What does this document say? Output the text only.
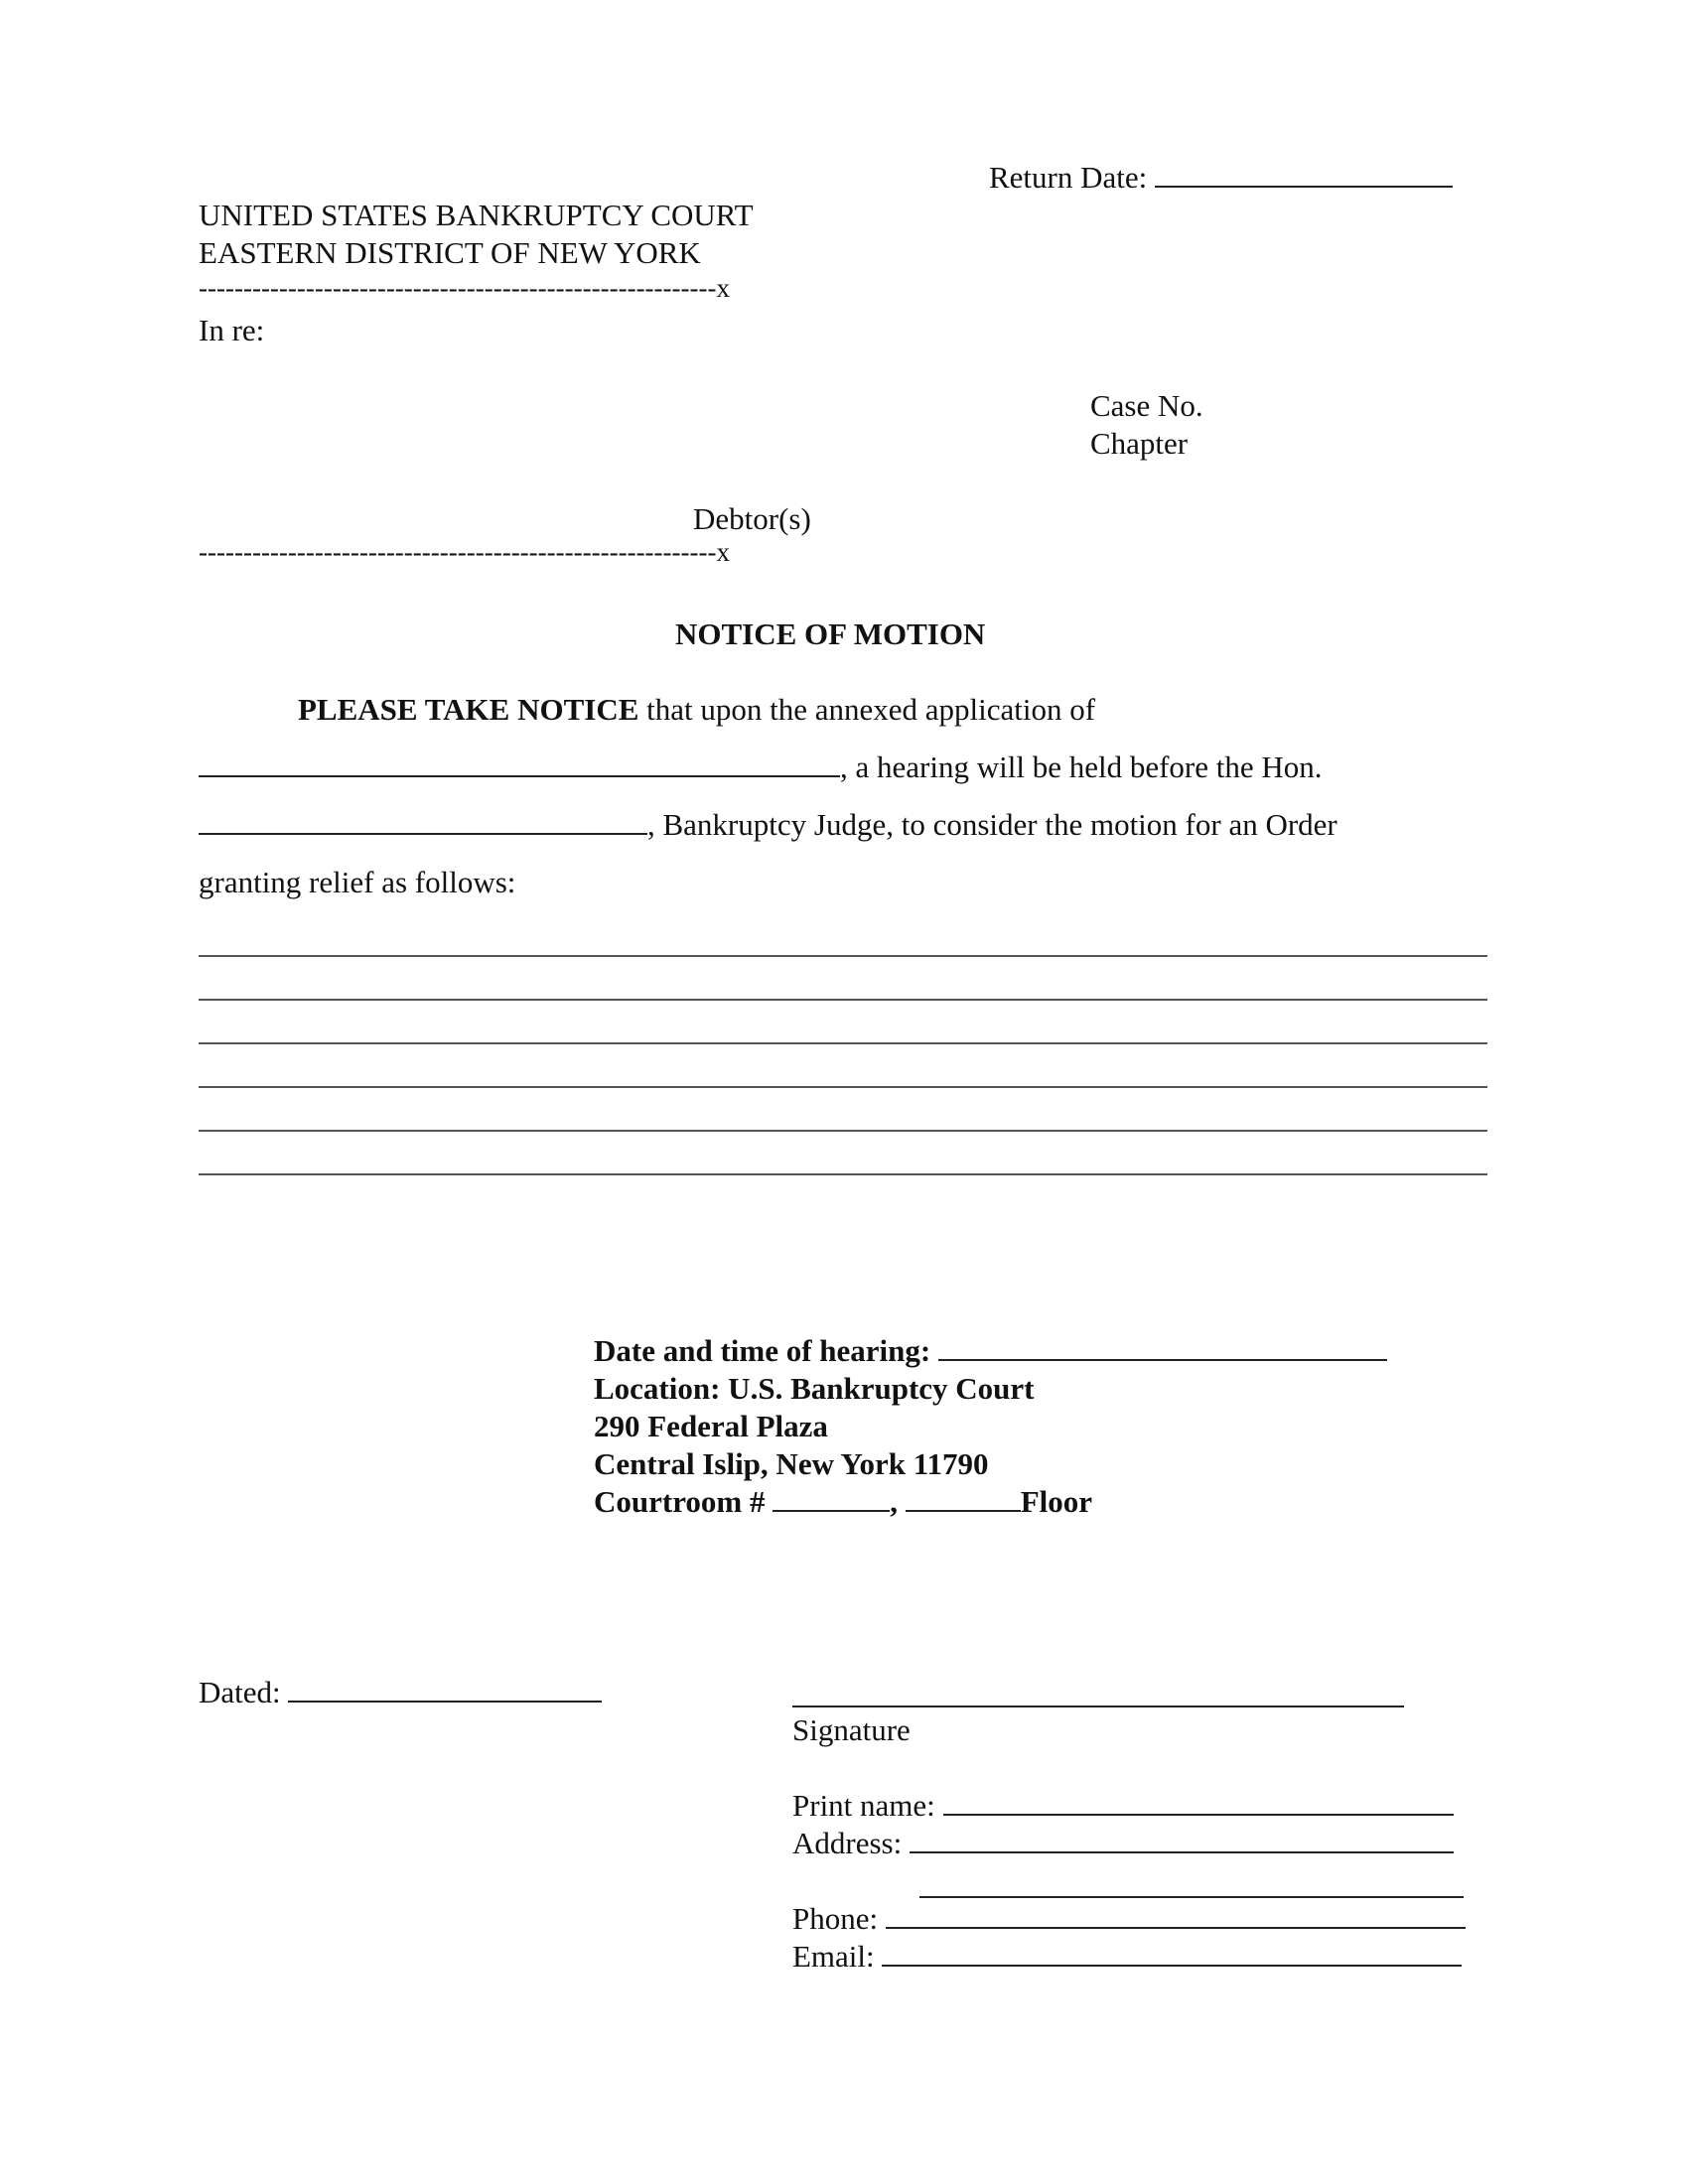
Return Date:
UNITED STATES BANKRUPTCY COURT
EASTERN DISTRICT OF NEW YORK
----------------------------------------------------------x
In re:
Case No.
Chapter
Debtor(s)
----------------------------------------------------------x
NOTICE OF MOTION
PLEASE TAKE NOTICE that upon the annexed application of
, a hearing will be held before the Hon.
, Bankruptcy Judge, to consider the motion for an Order
granting relief as follows:
Date and time of hearing:
Location: U.S. Bankruptcy Court
290 Federal Plaza
Central Islip, New York 11790
Courtroom #	,	Floor
Dated:
Signature
Print name:
Address:
Phone:
Email:
